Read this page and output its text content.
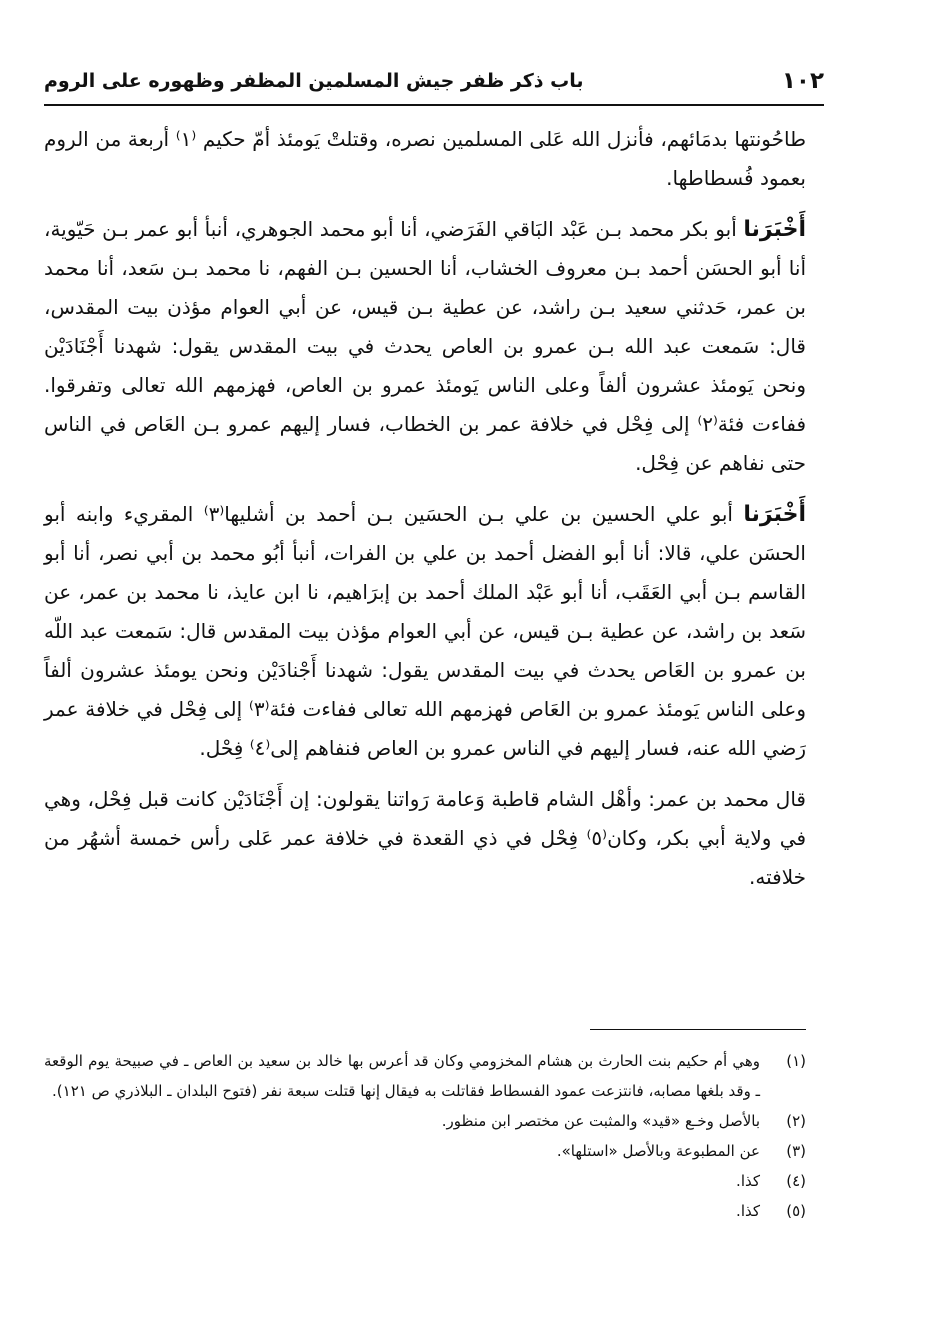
١٠٢
باب ذكر ظفر جيش المسلمين المظفر وظهوره على الروم

طاحُونتها بدمَائهم، فأنزل الله عَلى المسلمين نصره، وقتلتْ يَومئذ أمّ حكيم ⁽١⁾ أربعة من الروم بعمود فُسطاطها.

أَخْبَرَنا أبو بكر محمد بـن عَبْد البَاقي الفَرَضي، أنا أبو محمد الجوهري، أنبأ أبو عمر بـن حَيّوية، أنا أبو الحسَن أحمد بـن معروف الخشاب، أنا الحسين بـن الفهم، نا محمد بـن سَعد، أنا محمد بن عمر، حَدثني سعيد بـن راشد، عن عطية بـن قيس، عن أبي العوام مؤذن بيت المقدس، قال: سَمعت عبد الله بـن عمرو بن العاص يحدث في بيت المقدس يقول: شهدنا أَجْنَادَيْن ونحن يَومئذ عشرون ألفاً وعلى الناس يَومئذ عمرو بن العاص، فهزمهم الله تعالى وتفرقوا. ففاءت فئة⁽٢⁾ إلى فِحْل في خلافة عمر بن الخطاب، فسار إليهم عمرو بـن العَاص في الناس حتى نفاهم عن فِحْل.

أَخْبَرَنا أبو علي الحسين بن علي بـن الحسَين بـن أحمد بن أشليها⁽٣⁾ المقريء وابنه أبو الحسَن علي، قالا: أنا أبو الفضل أحمد بن علي بن الفرات، أنبأ أبُو محمد بن أبي نصر، أنا أبو القاسم بـن أبي العَقَب، أنا أبو عَبْد الملك أحمد بن إبرَاهيم، نا ابن عايذ، نا محمد بن عمر، عن سَعد بن راشد، عن عطية بـن قيس، عن أبي العوام مؤذن بيت المقدس قال: سَمعت عبد اللّه بن عمرو بن العَاص يحدث في بيت المقدس يقول: شهدنا أَجْنادَيْن ونحن يومئذ عشرون ألفاً وعلى الناس يَومئذ عمرو بن العَاص فهزمهم الله تعالى ففاءت فئة⁽٣⁾ إلى فِحْل في خلافة عمر رَضي الله عنه، فسار إليهم في الناس عمرو بن العاص فنفاهم إلى⁽٤⁾ فِحْل.

قال محمد بن عمر: وأهْل الشام قاطبة وَعامة رَواتنا يقولون: إن أَجْنَادَيْن كانت قبل فِحْل، وهي في ولاية أبي بكر، وكان⁽٥⁾ فِحْل في ذي القعدة في خلافة عمر عَلى رأس خمسة أشهُر من خلافته.

(١)
وهي أم حكيم بنت الحارث بن هشام المخزومي وكان قد أعرس بها خالد بن سعيد بن العاص ـ في صبيحة يوم الوقعة ـ وقد بلغها مصابه، فانتزعت عمود الفسطاط فقاتلت به فيقال إنها قتلت سبعة نفر (فتوح البلدان ـ البلاذري ص ١٢١).
(٢)
بالأصل وخـع «قيد» والمثبت عن مختصر ابن منظور.
(٣)
عن المطبوعة وبالأصل «استلها».
(٤)
كذا.
(٥)
كذا.
